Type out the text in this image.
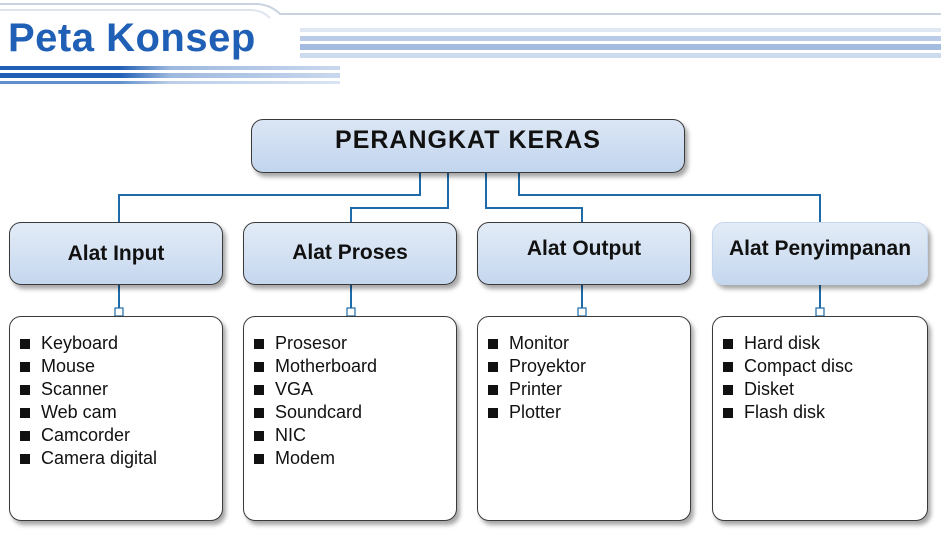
Peta Konsep
PERANGKAT KERAS
Alat Input	Alat Proses	Alat Output	Alat Penyimpanan
Keyboard
Mouse
Scanner
Web cam
Camcorder
Camera digital
Prosesor
Motherboard
VGA
Soundcard
NIC
Modem
Monitor
Proyektor
Printer
Plotter
Hard disk
Compact disc
Disket
Flash disk
